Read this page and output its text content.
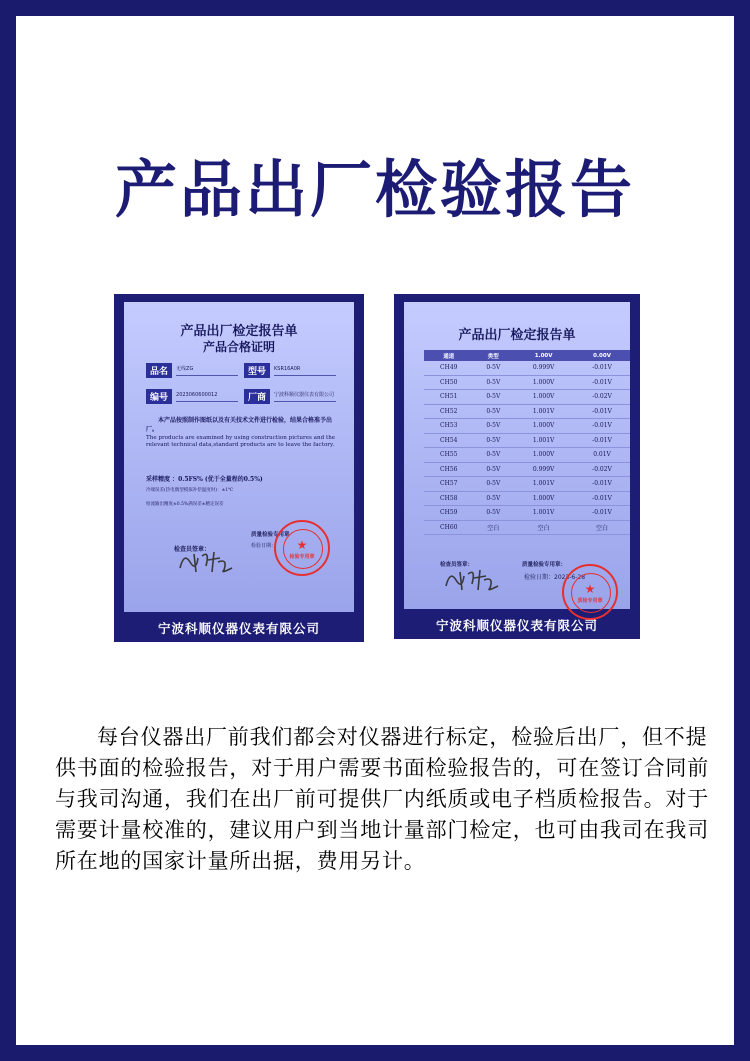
产品出厂检验报告
产品出厂检定报告单
产品合格证明
品名	无线ZG	型号	KSR16A0R
编号	2023060600012	厂商	宁波科顺仪器仪表有限公司
本产品按照制作图纸以及有关技术文件进行检验，结果合格准予出厂。
The products are examined by using construction pictures and the relevant technical data,standard products are to leave the factory.
采样精度 ：0.5FS% (优于全量程的0.5%)
冷端误差(热电偶型模拟补偿温度时)：±1℃
恒流输出精度±0.5%满误差±精定误差
检查员签章：
质量检验专用章
检验日期：	★
检验专用章
宁波科顺仪器仪表有限公司
产品出厂检定报告单
通道	类型	1.00V	0.00V
CH49	0-5V	0.999V	-0.01V
CH50	0-5V	1.000V	-0.01V
CH51	0-5V	1.000V	-0.02V
CH52	0-5V	1.001V	-0.01V
CH53	0-5V	1.000V	-0.01V
CH54	0-5V	1.001V	-0.01V
CH55	0-5V	1.000V	0.01V
CH56	0-5V	0.999V	-0.02V
CH57	0-5V	1.001V	-0.01V
CH58	0-5V	1.000V	-0.01V
CH59	0-5V	1.001V	-0.01V
CH60	空白	空白	空白
检查员签章：	质量检验专用章：
检验日期：2023-6-28
★
质检专用章
宁波科顺仪器仪表有限公司
每台仪器出厂前我们都会对仪器进行标定，检验后出厂，但不提供书面的检验报告，对于用户需要书面检验报告的，可在签订合同前与我司沟通，我们在出厂前可提供厂内纸质或电子档质检报告。对于需要计量校准的，建议用户到当地计量部门检定，也可由我司在我司所在地的国家计量所出据，费用另计。
